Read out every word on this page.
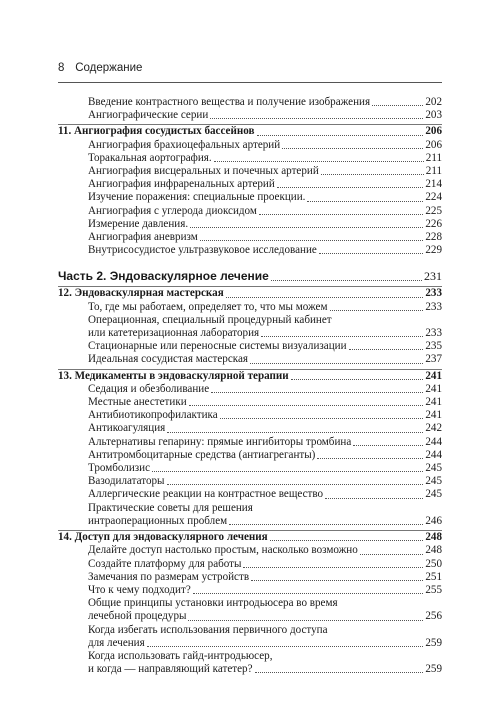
8 Содержание
Введение контрастного вещества и получение изображения	202
Ангиографические серии	203
11. Ангиография сосудистых бассейнов	206
Ангиография брахиоцефальных артерий	206
Торакальная аортография.	211
Ангиография висцеральных и почечных артерий	211
Ангиография инфраренальных артерий	214
Изучение поражения: специальные проекции.	224
Ангиография с углерода диоксидом	225
Измерение давления.	226
Ангиография аневризм	228
Внутрисосудистое ультразвуковое исследование	229
Часть 2. Эндоваскулярное лечение	231
12. Эндоваскулярная мастерская	233
То, где мы работаем, определяет то, что мы можем	233
Операционная, специальный процедурный кабинет
или катетеризационная лаборатория	233
Стационарные или переносные системы визуализации	235
Идеальная сосудистая мастерская	237
13. Медикаменты в эндоваскулярной терапии	241
Седация и обезболивание	241
Местные анестетики	241
Антибиотикопрофилактика	241
Антикоагуляция	242
Альтернативы гепарину: прямые ингибиторы тромбина	244
Антитромбоцитарные средства (антиагреганты)	244
Тромболизис	245
Вазодилататоры	245
Аллергические реакции на контрастное вещество	245
Практические советы для решения
интраоперационных проблем	246
14. Доступ для эндоваскулярного лечения	248
Делайте доступ настолько простым, насколько возможно	248
Создайте платформу для работы	250
Замечания по размерам устройств	251
Что к чему подходит?	255
Общие принципы установки интродьюсера во время
лечебной процедуры	256
Когда избегать использования первичного доступа
для лечения	259
Когда использовать гайд-интродьюсер,
и когда — направляющий катетер?	259
